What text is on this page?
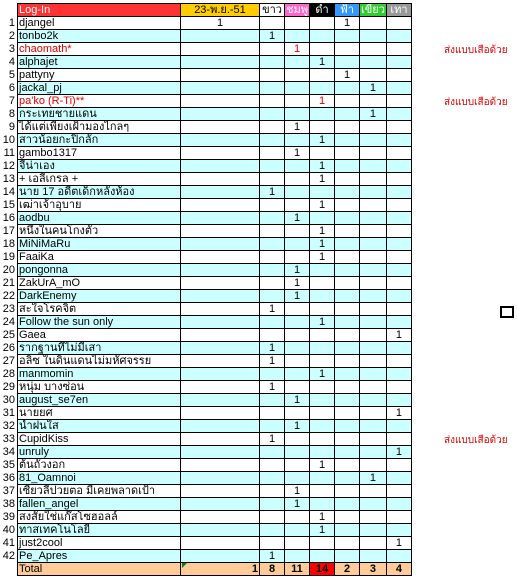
	Log-In	23-พ.ย.-51	ขาว	ชมพู	ดำ	ฟ้า	เขียว	เทา
1	djangel	1				1		
2	tonbo2k		1					
3	chaomath*			1				
4	alphajet				1			
5	pattyny					1		
6	jackal_pj						1	
7	pa'ko (R-Ti)**				1			
8	กระเทยชายแดน						1	
9	ได้แต่เพียงเฝ้ามองไกลๆ			1				
10	สาวน้อยกะปิกลั๊ก				1			
11	gambo1317			1				
12	จีน่าเอง				1			
13	+ เอลีเกรล +				1			
14	นาย 17 อดีตเด็กหลังห้อง		1					
15	เฒ่าเจ้าอุบาย				1			
16	aodbu			1				
17	หนึ่งในคนโกงตัว				1			
18	MiNiMaRu				1			
19	FaaiKa				1			
20	pongonna			1				
21	ZakUrA_mO			1				
22	DarkEnemy			1				
23	สะใจโรคจิต		1					
24	Follow the sun only				1			
25	Gaea							1
26	รากฐานที่ไม่มีเสา		1					
27	อลิซ ในดินแดนไม่มหัศจรรย		1					
28	manmomin				1			
29	หนุ่ม บางซ่อน		1					
30	august_se7en			1				
31	นายยศ							1
32	น้ำฝนใส			1				
33	CupidKiss		1					
34	unruly							1
35	ต้นถั่วงอก				1			
36	81_Oamnoi						1	
37	เซียวลีปวยตอ มีเคยพลาดเป้า			1				
38	fallen_angel			1				
39	สงสัยใช่แก๊สโซฮอลล์				1			
40	ทาสเทคโนโลยี				1			
41	just2cool							1
42	Pe_Apres		1					
	Total	1	8	11	14	2	3	4
ส่งแบบเสือด้วย
ส่งแบบเสือด้วย
ส่งแบบเสือด้วย
